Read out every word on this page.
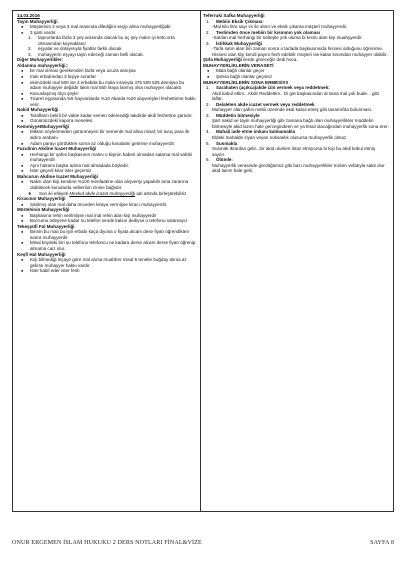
14.03.2016
Tayin Muhayyerliği
● Müşterinin 2 veya 3 mal arasında dilediğini seçip alma muhayyerliğidir.
● 3 şartı vardır.
1. taşınırlarda fazla 3 şey arasında olacak bu üç şey malın iyi kötü orta olmasından kaynaklanır
2. eşyalar ve dolayısıyla fiyatlar farklı olacak
3. muhayyerin eşyayı tayin edeceği zaman belli olacak.
Diğer Muhayyerlikler:
Aldanma muhayyerliği;:
● bir mal olması gerekenden fazla veya ucuza alınışsa
● malı erbabından 3 kişiye sorarlar
● ekimizdeki mal 500 ise 3 erbabda bu mala sırasıyla 475 500 525 demişse bu adam muhayyer değildir lakin mal 550 liraya lanmış olsa muhayyer olacaktı.
● Kanunlaşmış ölçü şöyle:
● Ticaret eşyasında %5 hayvanlarda %10 Akarda %20 alışverişleri feshettirme hakkı verir.
Nakid Muhayyerliği
● Tarafların belirli bir vakte kadar semen ödemediği takdirde akdi feshetme şartıdır.
● Günümüzdeki kapora meselesi
KemmiyyetMuhayyerliği
● Miktarı söylenmeden görünmeyen bir semenle mal alma misal; bir avuç para ile aldım arabanı
● Adam parayı gördükten sonra az olduğu kanaatini getirirse muhayyerdir.
Fuzulinin Akdine İcazet Muhayyerliği
● Herhangi bir şahıs başkasının malını o kişinin haberi olmadan satarsa mal sahibi muhayyerdir
● Aynı hükümi başka adına mal almadada böyledir.
● İster geçerli kılar ister geçersiz
Mahcurun Akdine İcazet Muhayyerliği
● Naksı olan kişi kendine %100 menfaatine olan alışverişi yapabilir ama zararına olabilecek konularda velilerinin iznine bağlıdır.
❖ Son iki ehliyeti Mevkuf akde icazet muhayyerliği adı altında birleştirebiliriz
Kiracının Muhayyerliği
● Satılmış olan mal daha önceden kiraya vermişse kiracı muhayyerdir.
Mürtehinin Muhayyerliği
● Başkasına rehin verilmişse mal mal rehin alan kişi muhayyerdir
● Borcumu ödeyene kadar su telefon sende kalsın dediyse o telefonu satamayız
Tekeşşüfi Fal Muhayyerliği
● Birinin bu malı bu işin erbabı kaça diyosa o fiyata alcam dese fiyatı öğrendikten sonra muhayyerdir
● Misal köydeki biri şu telefonu telefoncu ne kadara derse alcam derse fiyatı öğrenip almama caiz olur.
Keşfi Hal Muhayyerliği
● Kişi bilmediği ölçüye göre mal alırsa muahher misal 5 teneke buğday alırsa az gelirse muhayyer hakkı vardır
● İster kabil eder ister fesh
Teferruki Safka Muhayyerliği
1. Mebiin Eksik Çıkması:
-Mal kilo litre sayı vs ile alınır ve eksik çıkarsa müşteri muhayyerdir.
2. Teslimden önce mebiin bir kısmının yok olaması
-Satılan mal herhangi bir sebeple yok olursa bi kısmı alan kişi muahyyerdir.
3. İstihkak Muhayyerliği
-Tarla satın alan biri zaman sonra o tarlada başkasınında hissesi olduğunu öğrenirse. Hissesi olan kişi kendi payını fesh edebilir müşteri ise kalan kısımdan muhayyer olabilir.
Şüfa Muhayyerliği ilerde göreceğiz dedi hoca.
MUHAYYERLİKLERİN VERASETİ
● Mala bağlı olanlar geçer
● Şahsa bağlı olanlar geçmez
MUHAYYERLİKLERİN SONA ERMESİ!!!!
1. Sarahaten (açıkca)akde izin vermek veya reddetmek:
Akdi kabul ettim.. Akdir Reddettim.. Di get başkasından al sana mal yok bude... gibi laflar.
2. Delaleten akde icazet vermek veya reddetmek
Muhayyer olan şahıs mebii üzerinde akdi kabul etmiş gibi tasarrufda bulunması..
3. Müddetin bitmesiyle
Şart nakid ve tayin muhayyerliği gibi zamana bağlı olan muhayyerlikler müddetin bitmesiyle akid lazım hale gercegindeen ve ya fesid olacağından muhayyerlik sona erer.
4. Mahali iade etme imkanı kalmamakla
Eldeki mahalde ziyan veyan noksanlık olusursa muhayyerlik olmaz
5. Susmakla
Susmak ikrardan gelir.. bir akid olurken itiraz etmiyorsa bi kişi bu akdi kabul etmiş sayılır.
6. Ölümle:
Muhayyerlik verasinde gördüğümüz gibi bazı muhayyerlikler mirisin vefatıyla sakit olur akid lazım hale gelir.
ONUR ERGEMEN İSLAM HUKUKU 2 DERS NOTLARI FİNAL&VİZE	SAYFA 8
